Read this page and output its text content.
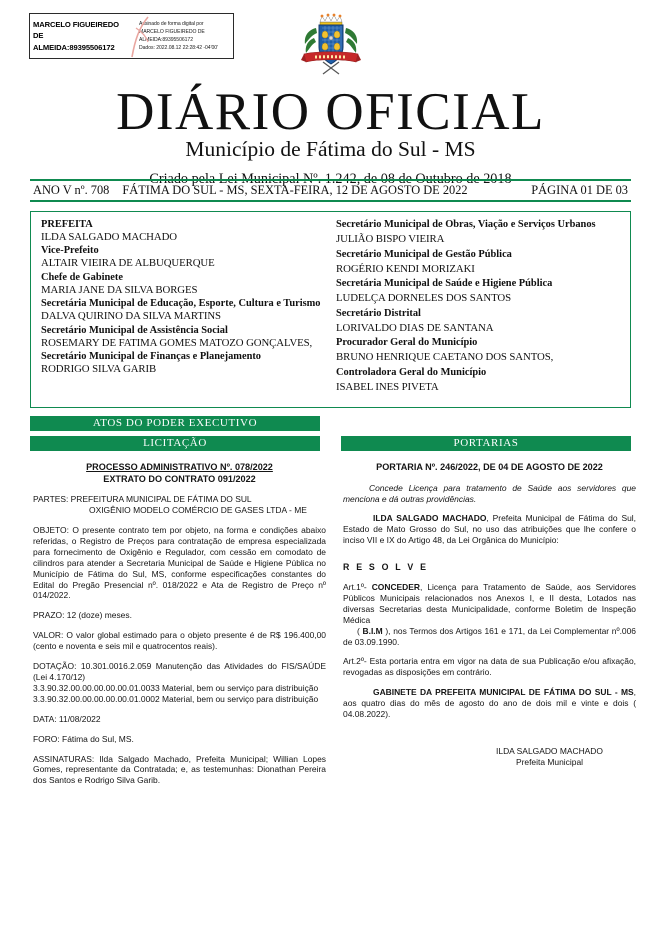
MARCELO FIGUEIREDO
DE
ALMEIDA:89395506172
Assinado de forma digital por
MARCELO FIGUEIREDO DE
ALMEIDA:89395506172
Dados: 2022.08.12 22:28:42 -04'00'
DIÁRIO OFICIAL
Município de Fátima do Sul - MS
Criado pela Lei Municipal Nº. 1.242, de 08 de Outubro de 2018
ANO V nº. 708	FÁTIMA DO SUL - MS, SEXTA-FEIRA, 12 DE AGOSTO DE 2022	PÁGINA 01 DE 03
PREFEITA
ILDA SALGADO MACHADO
Vice-Prefeito
ALTAIR VIEIRA DE ALBUQUERQUE
Chefe de Gabinete
MARIA JANE DA SILVA BORGES
Secretária Municipal de Educação, Esporte, Cultura e Turismo
DALVA QUIRINO DA SILVA MARTINS
Secretário Municipal de Assistência Social
ROSEMARY DE FATIMA GOMES MATOZO GONÇALVES,
Secretário Municipal de Finanças e Planejamento
RODRIGO SILVA GARIB
Secretário Municipal de Obras, Viação e Serviços Urbanos
JULIÃO BISPO VIEIRA
Secretário Municipal de Gestão Pública
ROGÉRIO KENDI MORIZAKI
Secretária Municipal de Saúde e Higiene Pública
LUDELÇA DORNELES DOS SANTOS
Secretário Distrital
LORIVALDO DIAS DE SANTANA
Procurador Geral do Município
BRUNO HENRIQUE CAETANO DOS SANTOS,
Controladora Geral do Município
ISABEL INES PIVETA
ATOS DO PODER EXECUTIVO
LICITAÇÃO	PORTARIAS
PROCESSO ADMINISTRATIVO Nº. 078/2022
EXTRATO DO CONTRATO 091/2022
PARTES: PREFEITURA MUNICIPAL DE FÁTIMA DO SUL
OXIGÊNIO MODELO COMÉRCIO DE GASES LTDA - ME
OBJETO: O presente contrato tem por objeto, na forma e condições abaixo referidas, o Registro de Preços para contratação de empresa especializada para fornecimento de Oxigênio e Regulador, com cessão em comodato de cilindros para atender a Secretaria Municipal de Saúde e Higiene Pública no Município de Fátima do Sul, MS, conforme especificações constantes do Edital do Pregão Presencial nº. 018/2022 e Ata de Registro de Preço nº 014/2022.
PRAZO: 12 (doze) meses.
VALOR: O valor global estimado para o objeto presente é de R$ 196.400,00 (cento e noventa e seis mil e quatrocentos reais).
DOTAÇÃO: 10.301.0016.2.059 Manutenção das Atividades do FIS/SAÚDE (Lei 4.170/12)
3.3.90.32.00.00.00.00.00.01.0033 Material, bem ou serviço para distribuição
3.3.90.32.00.00.00.00.00.01.0002 Material, bem ou serviço para distribuição
DATA: 11/08/2022
FORO: Fátima do Sul, MS.
ASSINATURAS: Ilda Salgado Machado, Prefeita Municipal; Willian Lopes Gomes, representante da Contratada; e, as testemunhas: Dionathan Pereira dos Santos e Rodrigo Silva Garib.
PORTARIA Nº. 246/2022, DE 04 DE AGOSTO DE 2022
Concede Licença para tratamento de Saúde aos servidores que menciona e dá outras providências.
ILDA SALGADO MACHADO, Prefeita Municipal de Fátima do Sul, Estado de Mato Grosso do Sul, no uso das atribuições que lhe confere o inciso VII e IX do Artigo 48, da Lei Orgânica do Município:
R E S O L V E
Art.1º- CONCEDER, Licença para Tratamento de Saúde, aos Servidores Públicos Municipais relacionados nos Anexos I, e II desta, Lotados nas diversas Secretarias desta Municipalidade, conforme Boletim de Inspeção Médica
( B.I.M ), nos Termos dos Artigos 161 e 171, da Lei Complementar nº.006 de 03.09.1990.
Art.2º- Esta portaria entra em vigor na data de sua Publicação e/ou afixação, revogadas as disposições em contrário.
GABINETE DA PREFEITA MUNICIPAL DE FÁTIMA DO SUL - MS, aos quatro dias do mês de agosto do ano de dois mil e vinte e dois ( 04.08.2022).
ILDA SALGADO MACHADO
Prefeita Municipal
